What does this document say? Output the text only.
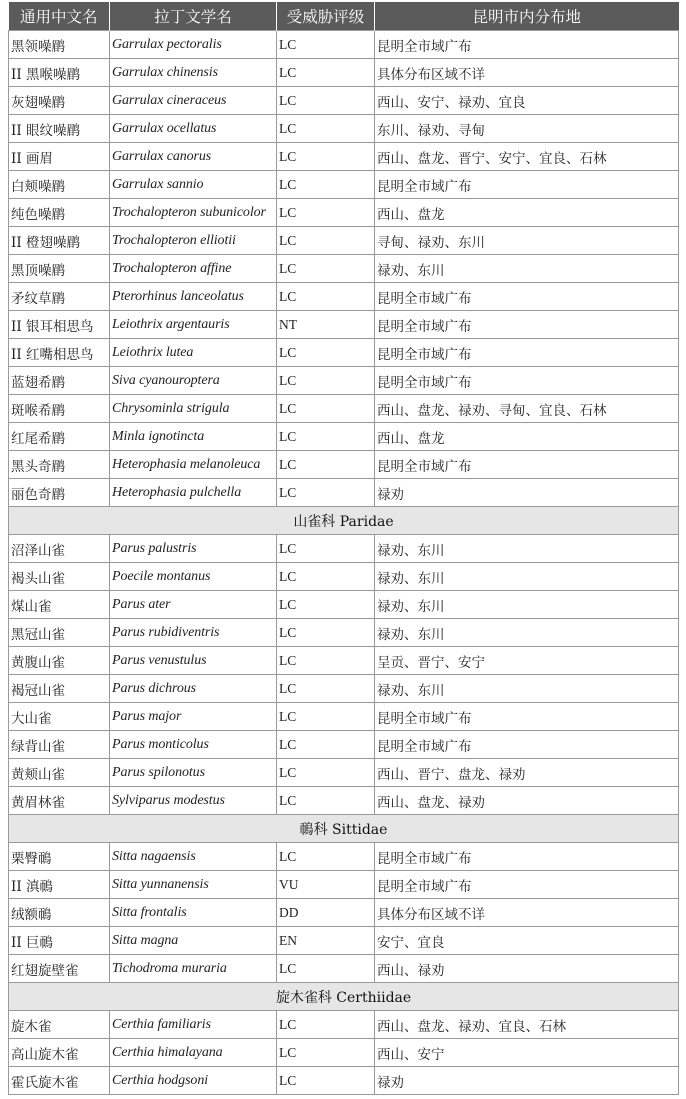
通用中文名	拉丁文学名	受威胁评级	昆明市内分布地
黑领噪鹛	Garrulax pectoralis	LC	昆明全市域广布
II 黑喉噪鹛	Garrulax chinensis	LC	具体分布区域不详
灰翅噪鹛	Garrulax cineraceus	LC	西山、安宁、禄劝、宜良
II 眼纹噪鹛	Garrulax ocellatus	LC	东川、禄劝、寻甸
II 画眉	Garrulax canorus	LC	西山、盘龙、晋宁、安宁、宜良、石林
白颊噪鹛	Garrulax sannio	LC	昆明全市域广布
纯色噪鹛	Trochalopteron subunicolor	LC	西山、盘龙
II 橙翅噪鹛	Trochalopteron elliotii	LC	寻甸、禄劝、东川
黑顶噪鹛	Trochalopteron affine	LC	禄劝、东川
矛纹草鹛	Pterorhinus lanceolatus	LC	昆明全市域广布
II 银耳相思鸟	Leiothrix argentauris	NT	昆明全市域广布
II 红嘴相思鸟	Leiothrix lutea	LC	昆明全市域广布
蓝翅希鹛	Siva cyanouroptera	LC	昆明全市域广布
斑喉希鹛	Chrysominla strigula	LC	西山、盘龙、禄劝、寻甸、宜良、石林
红尾希鹛	Minla ignotincta	LC	西山、盘龙
黑头奇鹛	Heterophasia melanoleuca	LC	昆明全市域广布
丽色奇鹛	Heterophasia pulchella	LC	禄劝
山雀科 Paridae			
沼泽山雀	Parus palustris	LC	禄劝、东川
褐头山雀	Poecile montanus	LC	禄劝、东川
煤山雀	Parus ater	LC	禄劝、东川
黑冠山雀	Parus rubidiventris	LC	禄劝、东川
黄腹山雀	Parus venustulus	LC	呈贡、晋宁、安宁
褐冠山雀	Parus dichrous	LC	禄劝、东川
大山雀	Parus major	LC	昆明全市域广布
绿背山雀	Parus monticolus	LC	昆明全市域广布
黄颊山雀	Parus spilonotus	LC	西山、晋宁、盘龙、禄劝
黄眉林雀	Sylviparus modestus	LC	西山、盘龙、禄劝
鳾科 Sittidae			
栗臀鳾	Sitta nagaensis	LC	昆明全市域广布
II 滇鳾	Sitta yunnanensis	VU	昆明全市域广布
绒额鳾	Sitta frontalis	DD	具体分布区域不详
II 巨鳾	Sitta magna	EN	安宁、宜良
红翅旋壁雀	Tichodroma muraria	LC	西山、禄劝
旋木雀科 Certhiidae			
旋木雀	Certhia familiaris	LC	西山、盘龙、禄劝、宜良、石林
高山旋木雀	Certhia himalayana	LC	西山、安宁
霍氏旋木雀	Certhia hodgsoni	LC	禄劝
